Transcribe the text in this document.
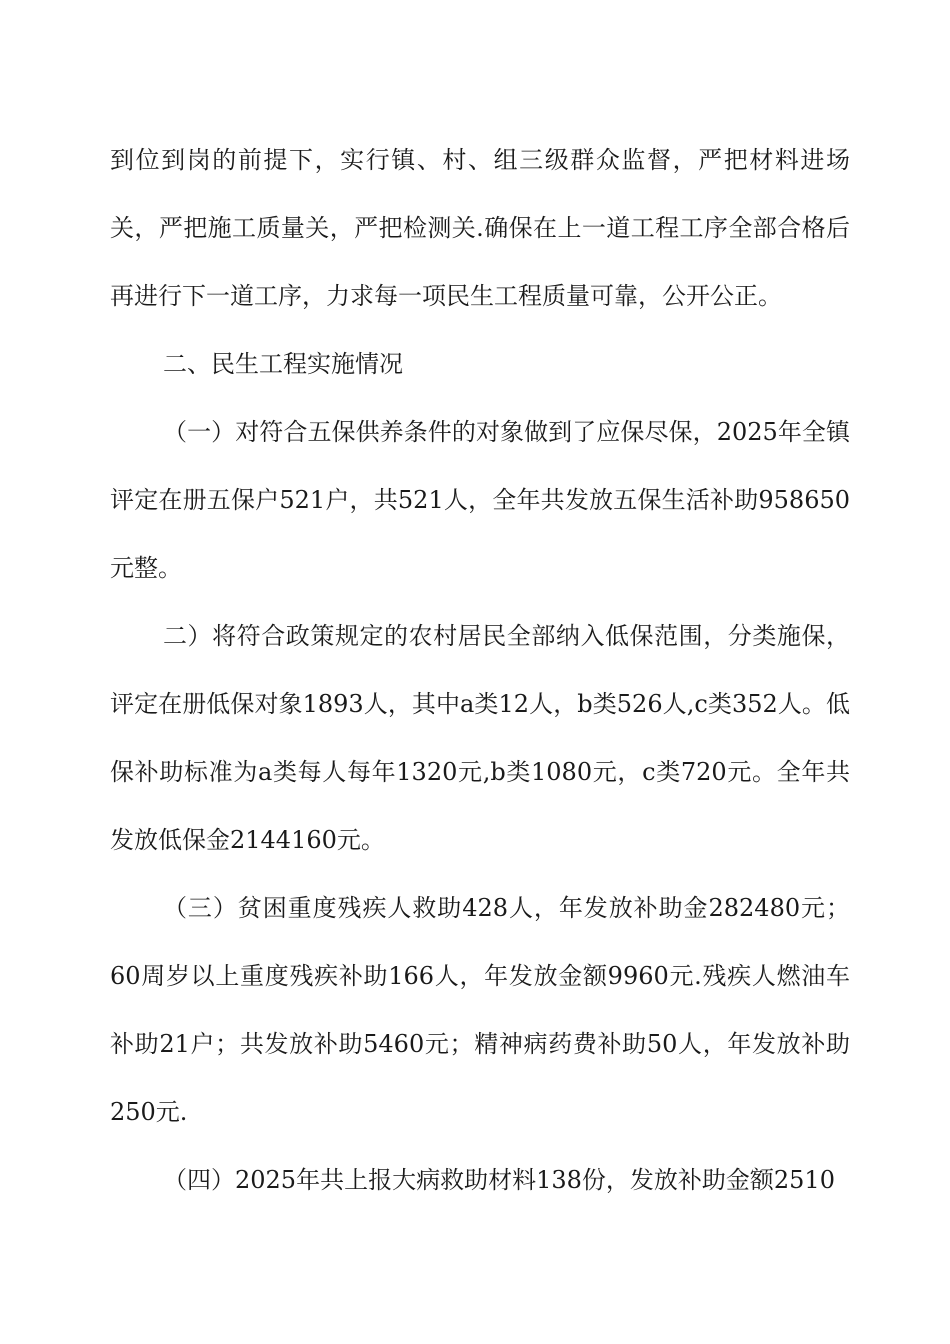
到位到岗的前提下，实行镇、村、组三级群众监督，严把材料进场关，严把施工质量关，严把检测关.确保在上一道工程工序全部合格后再进行下一道工序，力求每一项民生工程质量可靠，公开公正。

二、民生工程实施情况

（一）对符合五保供养条件的对象做到了应保尽保，2025年全镇评定在册五保户521户，共521人，全年共发放五保生活补助958650元整。

二）将符合政策规定的农村居民全部纳入低保范围，分类施保，评定在册低保对象1893人，其中a类12人，b类526人,c类352人。低保补助标准为a类每人每年1320元,b类1080元，c类720元。全年共发放低保金2144160元。

（三）贫困重度残疾人救助428人，年发放补助金282480元；60周岁以上重度残疾补助166人，年发放金额9960元.残疾人燃油车补助21户；共发放补助5460元；精神病药费补助50人，年发放补助250元.

（四）2025年共上报大病救助材料138份，发放补助金额2510
